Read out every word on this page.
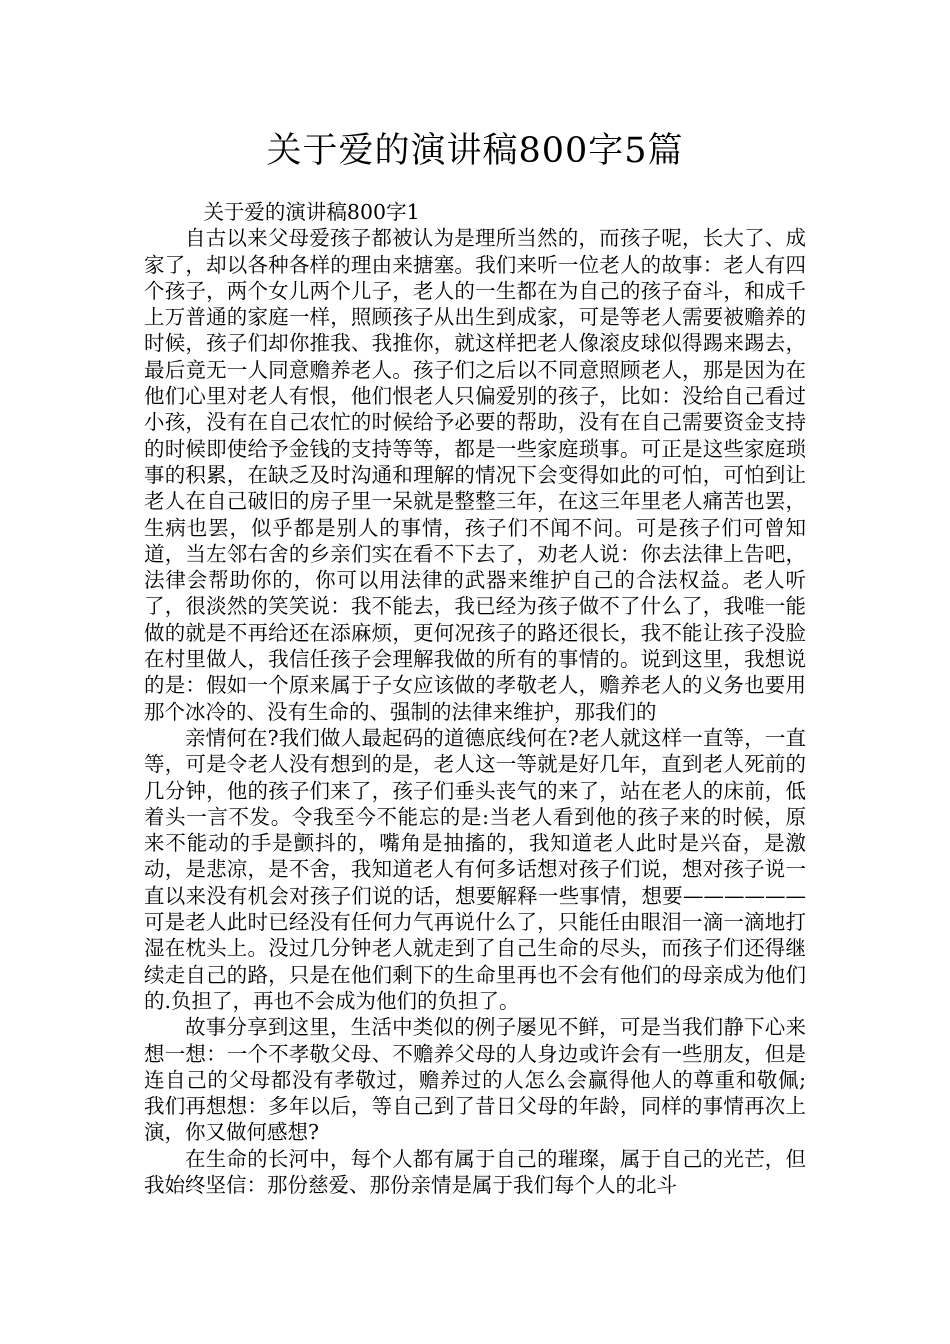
关于爱的演讲稿800字5篇

关于爱的演讲稿800字1

自古以来父母爱孩子都被认为是理所当然的，而孩子呢，长大了、成家了，却以各种各样的理由来搪塞。我们来听一位老人的故事：老人有四个孩子，两个女儿两个儿子，老人的一生都在为自己的孩子奋斗，和成千上万普通的家庭一样，照顾孩子从出生到成家，可是等老人需要被赡养的时候，孩子们却你推我、我推你，就这样把老人像滚皮球似得踢来踢去，最后竟无一人同意赡养老人。孩子们之后以不同意照顾老人，那是因为在他们心里对老人有恨，他们恨老人只偏爱别的孩子，比如：没给自己看过小孩，没有在自己农忙的时候给予必要的帮助，没有在自己需要资金支持的时候即使给予金钱的支持等等，都是一些家庭琐事。可正是这些家庭琐事的积累，在缺乏及时沟通和理解的情况下会变得如此的可怕，可怕到让老人在自己破旧的房子里一呆就是整整三年，在这三年里老人痛苦也罢，生病也罢，似乎都是别人的事情，孩子们不闻不问。可是孩子们可曾知道，当左邻右舍的乡亲们实在看不下去了，劝老人说：你去法律上告吧，法律会帮助你的，你可以用法律的武器来维护自己的合法权益。老人听了，很淡然的笑笑说：我不能去，我已经为孩子做不了什么了，我唯一能做的就是不再给还在添麻烦，更何况孩子的路还很长，我不能让孩子没脸在村里做人，我信任孩子会理解我做的所有的事情的。说到这里，我想说的是：假如一个原来属于子女应该做的孝敬老人，赡养老人的义务也要用那个冰冷的、没有生命的、强制的法律来维护，那我们的

亲情何在?我们做人最起码的道德底线何在?老人就这样一直等，一直等，可是令老人没有想到的是，老人这一等就是好几年，直到老人死前的几分钟，他的孩子们来了，孩子们垂头丧气的来了，站在老人的床前，低着头一言不发。令我至今不能忘的是:当老人看到他的孩子来的时候，原来不能动的手是颤抖的，嘴角是抽搐的，我知道老人此时是兴奋，是激动，是悲凉，是不舍，我知道老人有何多话想对孩子们说，想对孩子说一直以来没有机会对孩子们说的话，想要解释一些事情，想要——————可是老人此时已经没有任何力气再说什么了，只能任由眼泪一滴一滴地打湿在枕头上。没过几分钟老人就走到了自己生命的尽头，而孩子们还得继续走自己的路，只是在他们剩下的生命里再也不会有他们的母亲成为他们的.负担了，再也不会成为他们的负担了。

故事分享到这里，生活中类似的例子屡见不鲜，可是当我们静下心来想一想：一个不孝敬父母、不赡养父母的人身边或许会有一些朋友，但是连自己的父母都没有孝敬过，赡养过的人怎么会赢得他人的尊重和敬佩;我们再想想：多年以后，等自己到了昔日父母的年龄，同样的事情再次上演，你又做何感想?

在生命的长河中，每个人都有属于自己的璀璨，属于自己的光芒，但我始终坚信：那份慈爱、那份亲情是属于我们每个人的北斗
